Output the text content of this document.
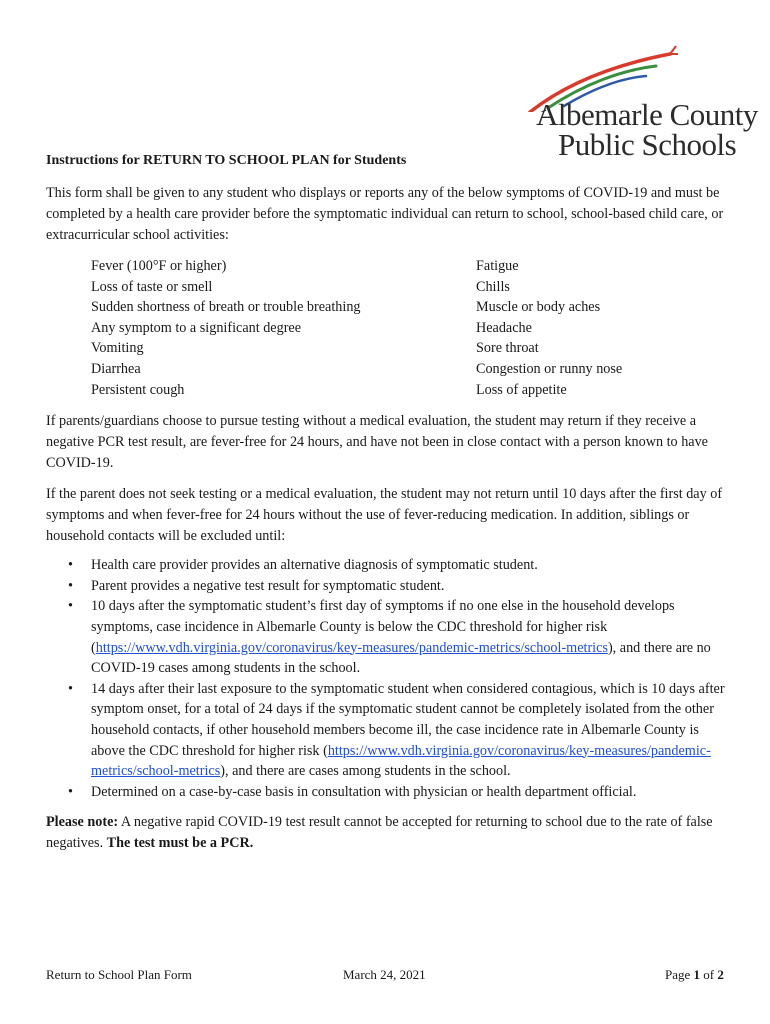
Albemarle County
Public Schools
Instructions for RETURN TO SCHOOL PLAN for Students

This form shall be given to any student who displays or reports any of the below symptoms of COVID-19 and must be completed by a health care provider before the symptomatic individual can return to school, school-based child care, or extracurricular school activities:

Fever (100°F or higher)
Loss of taste or smell
Sudden shortness of breath or trouble breathing
Any symptom to a significant degree
Vomiting
Diarrhea
Persistent cough
Fatigue
Chills
Muscle or body aches
Headache
Sore throat
Congestion or runny nose
Loss of appetite

If parents/guardians choose to pursue testing without a medical evaluation, the student may return if they receive a negative PCR test result, are fever-free for 24 hours, and have not been in close contact with a person known to have COVID-19.

If the parent does not seek testing or a medical evaluation, the student may not return until 10 days after the first day of symptoms and when fever-free for 24 hours without the use of fever-reducing medication. In addition, siblings or household contacts will be excluded until:

• Health care provider provides an alternative diagnosis of symptomatic student.
• Parent provides a negative test result for symptomatic student.
• 10 days after the symptomatic student’s first day of symptoms if no one else in the household develops symptoms, case incidence in Albemarle County is below the CDC threshold for higher risk (https://www.vdh.virginia.gov/coronavirus/key-measures/pandemic-metrics/school-metrics), and there are no COVID-19 cases among students in the school.
• 14 days after their last exposure to the symptomatic student when considered contagious, which is 10 days after symptom onset, for a total of 24 days if the symptomatic student cannot be completely isolated from the other household contacts, if other household members become ill, the case incidence rate in Albemarle County is above the CDC threshold for higher risk (https://www.vdh.virginia.gov/coronavirus/key-measures/pandemic-metrics/school-metrics), and there are cases among students in the school.
• Determined on a case-by-case basis in consultation with physician or health department official.

Please note: A negative rapid COVID-19 test result cannot be accepted for returning to school due to the rate of false negatives. The test must be a PCR.

Return to School Plan Form	March 24, 2021	Page 1 of 2
